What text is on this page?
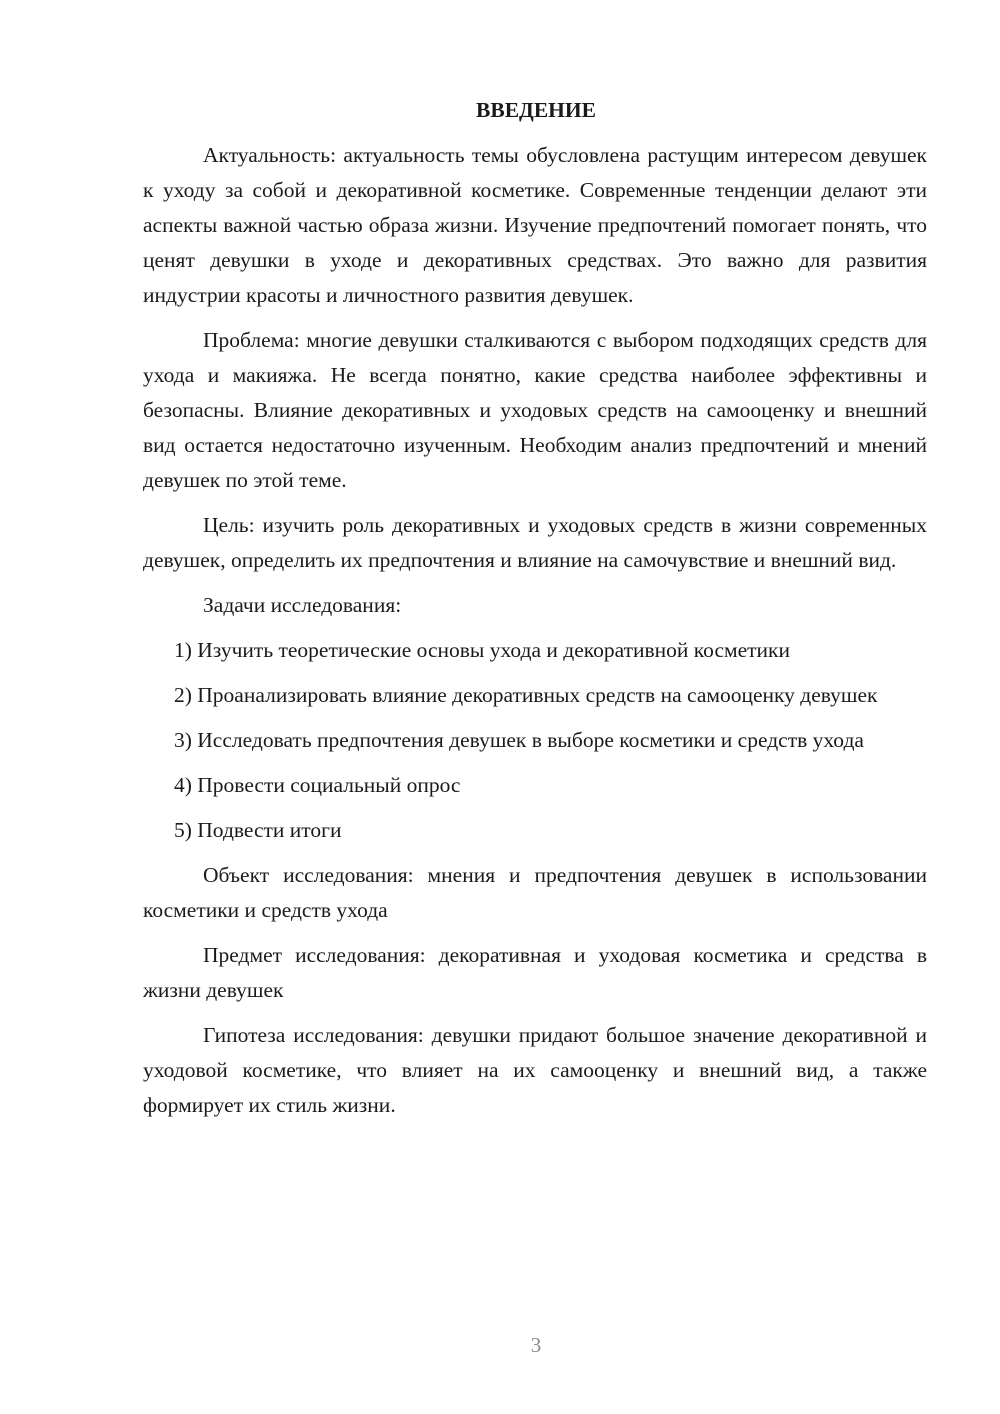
ВВЕДЕНИЕ

Актуальность: актуальность темы обусловлена растущим интересом девушек к уходу за собой и декоративной косметике. Современные тенденции делают эти аспекты важной частью образа жизни. Изучение предпочтений помогает понять, что ценят девушки в уходе и декоративных средствах. Это важно для развития индустрии красоты и личностного развития девушек.

Проблема: многие девушки сталкиваются с выбором подходящих средств для ухода и макияжа. Не всегда понятно, какие средства наиболее эффективны и безопасны. Влияние декоративных и уходовых средств на самооценку и внешний вид остается недостаточно изученным. Необходим анализ предпочтений и мнений девушек по этой теме.

Цель: изучить роль декоративных и уходовых средств в жизни современных девушек, определить их предпочтения и влияние на самочувствие и внешний вид.

Задачи исследования:

1) Изучить теоретические основы ухода и декоративной косметики

2) Проанализировать влияние декоративных средств на самооценку девушек

3) Исследовать предпочтения девушек в выборе косметики и средств ухода

4) Провести социальный опрос

5) Подвести итоги

Объект исследования: мнения и предпочтения девушек в использовании косметики и средств ухода

Предмет исследования: декоративная и уходовая косметика и средства в жизни девушек

Гипотеза исследования: девушки придают большое значение декоративной и уходовой косметике, что влияет на их самооценку и внешний вид, а также формирует их стиль жизни.

3
